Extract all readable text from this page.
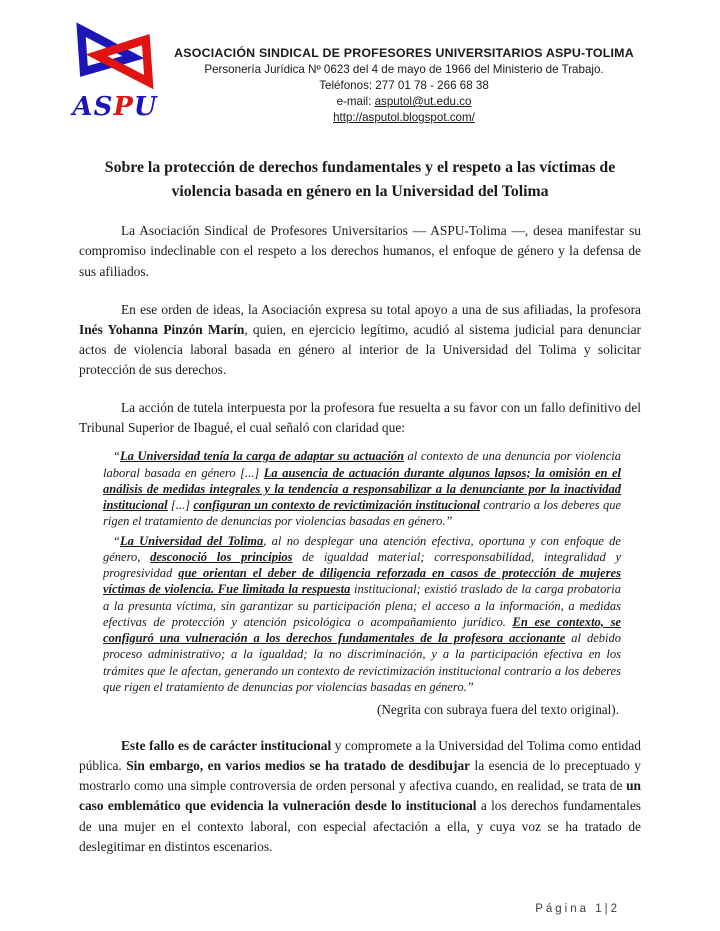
ASPU
ASOCIACIÓN SINDICAL DE PROFESORES UNIVERSITARIOS ASPU-TOLIMA
Personería Jurídica Nº 0623 del 4 de mayo de 1966 del Ministerio de Trabajo.
Teléfonos: 277 01 78 - 266 68 38
e-mail: asputol@ut.edu.co
http://asputol.blogspot.com/
Sobre la protección de derechos fundamentales y el respeto a las víctimas de violencia basada en género en la Universidad del Tolima

La Asociación Sindical de Profesores Universitarios — ASPU-Tolima —, desea manifestar su compromiso indeclinable con el respeto a los derechos humanos, el enfoque de género y la defensa de sus afiliados.

En ese orden de ideas, la Asociación expresa su total apoyo a una de sus afiliadas, la profesora Inés Yohanna Pinzón Marín, quien, en ejercicio legítimo, acudió al sistema judicial para denunciar actos de violencia laboral basada en género al interior de la Universidad del Tolima y solicitar protección de sus derechos.

La acción de tutela interpuesta por la profesora fue resuelta a su favor con un fallo definitivo del Tribunal Superior de Ibagué, el cual señaló con claridad que:

“La Universidad tenía la carga de adaptar su actuación al contexto de una denuncia por violencia laboral basada en género [...] La ausencia de actuación durante algunos lapsos; la omisión en el análisis de medidas integrales y la tendencia a responsabilizar a la denunciante por la inactividad institucional [...] configuran un contexto de revictimización institucional contrario a los deberes que rigen el tratamiento de denuncias por violencias basadas en género.”
“La Universidad del Tolima, al no desplegar una atención efectiva, oportuna y con enfoque de género, desconoció los principios de igualdad material; corresponsabilidad, integralidad y progresividad que orientan el deber de diligencia reforzada en casos de protección de mujeres víctimas de violencia. Fue limitada la respuesta institucional; existió traslado de la carga probatoria a la presunta víctima, sin garantizar su participación plena; el acceso a la información, a medidas efectivas de protección y atención psicológica o acompañamiento jurídico. En ese contexto, se configuró una vulneración a los derechos fundamentales de la profesora accionante al debido proceso administrativo; a la igualdad; la no discriminación, y a la participación efectiva en los trámites que le afectan, generando un contexto de revictimización institucional contrario a los deberes que rigen el tratamiento de denuncias por violencias basadas en género.”
(Negrita con subraya fuera del texto original).

Este fallo es de carácter institucional y compromete a la Universidad del Tolima como entidad pública. Sin embargo, en varios medios se ha tratado de desdibujar la esencia de lo preceptuado y mostrarlo como una simple controversia de orden personal y afectiva cuando, en realidad, se trata de un caso emblemático que evidencia la vulneración desde lo institucional a los derechos fundamentales de una mujer en el contexto laboral, con especial afectación a ella, y cuya voz se ha tratado de deslegitimar en distintos escenarios.

Página 1|2
